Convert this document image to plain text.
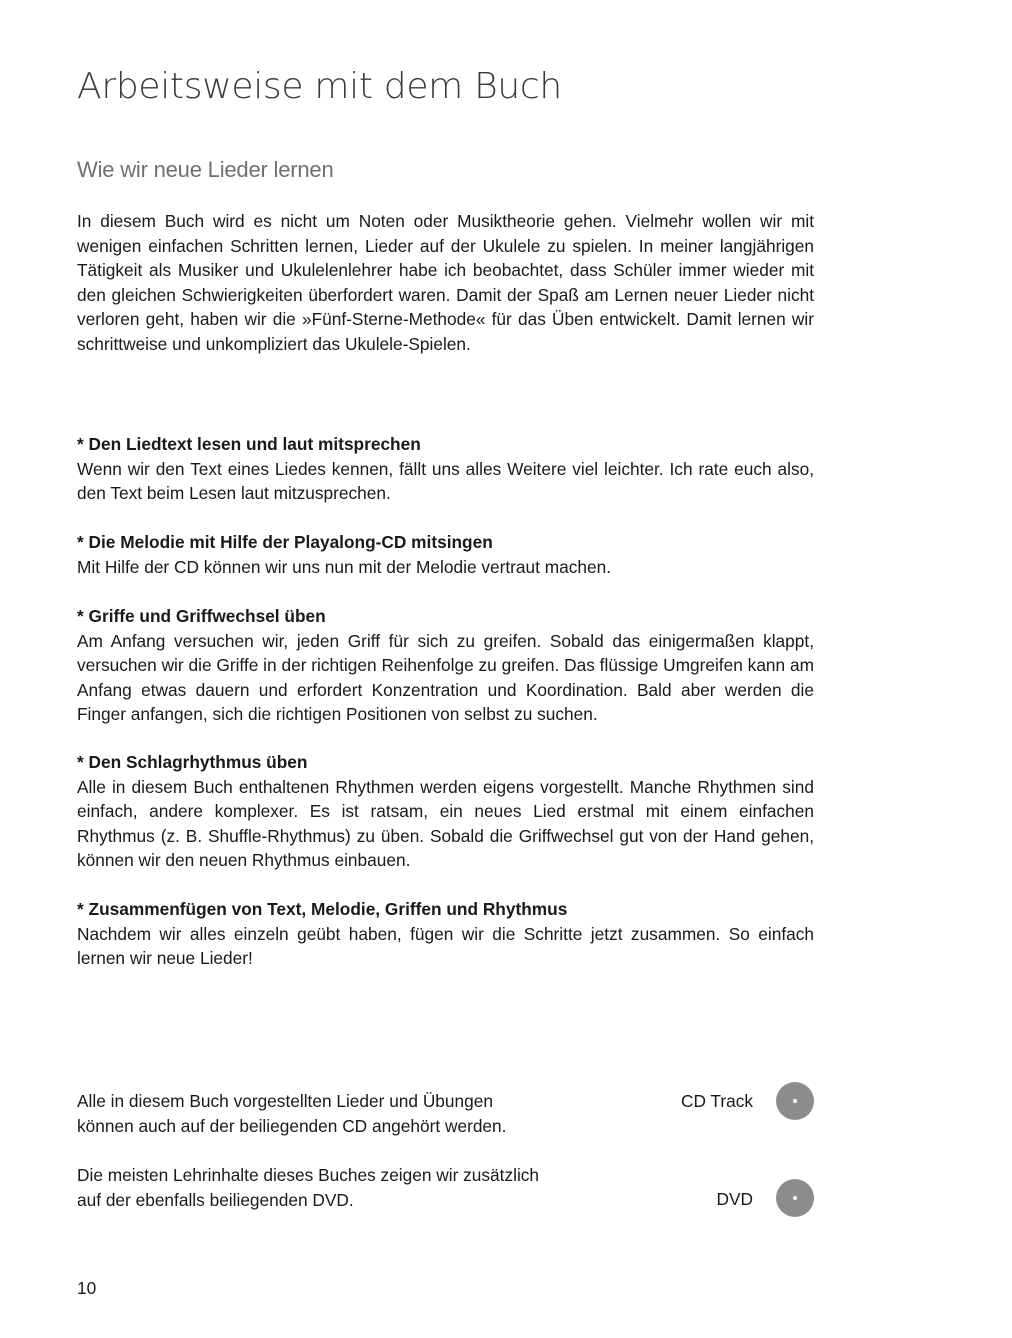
Arbeitsweise mit dem Buch
Wie wir neue Lieder lernen

In diesem Buch wird es nicht um Noten oder Musiktheorie gehen. Vielmehr wollen wir mit wenigen einfachen Schritten lernen, Lieder auf der Ukulele zu spielen. In meiner langjährigen Tätigkeit als Musiker und Ukulelenlehrer habe ich beobachtet, dass Schüler immer wieder mit den gleichen Schwierigkeiten überfordert waren. Damit der Spaß am Lernen neuer Lieder nicht verloren geht, haben wir die »Fünf-Sterne-Methode« für das Üben entwickelt. Damit lernen wir schrittweise und unkompliziert das Ukulele-Spielen.

* Den Liedtext lesen und laut mitsprechen
Wenn wir den Text eines Liedes kennen, fällt uns alles Weitere viel leichter. Ich rate euch also, den Text beim Lesen laut mitzusprechen.
* Die Melodie mit Hilfe der Playalong-CD mitsingen
Mit Hilfe der CD können wir uns nun mit der Melodie vertraut machen.
* Griffe und Griffwechsel üben
Am Anfang versuchen wir, jeden Griff für sich zu greifen. Sobald das einigermaßen klappt, versuchen wir die Griffe in der richtigen Reihenfolge zu greifen. Das flüssige Umgreifen kann am Anfang etwas dauern und erfordert Konzentration und Koordination. Bald aber werden die Finger anfangen, sich die richtigen Positionen von selbst zu suchen.
* Den Schlagrhythmus üben
Alle in diesem Buch enthaltenen Rhythmen werden eigens vorgestellt. Manche Rhythmen sind einfach, andere komplexer. Es ist ratsam, ein neues Lied erstmal mit einem einfachen Rhythmus (z. B. Shuffle-Rhythmus) zu üben. Sobald die Griffwechsel gut von der Hand gehen, können wir den neuen Rhythmus einbauen.
* Zusammenfügen von Text, Melodie, Griffen und Rhythmus
Nachdem wir alles einzeln geübt haben, fügen wir die Schritte jetzt zusammen. So einfach lernen wir neue Lieder!

Alle in diesem Buch vorgestellten Lieder und Übungen können auch auf der beiliegenden CD angehört werden.

CD Track

Die meisten Lehrinhalte dieses Buches zeigen wir zusätzlich auf der ebenfalls beiliegenden DVD.	DVD
10
